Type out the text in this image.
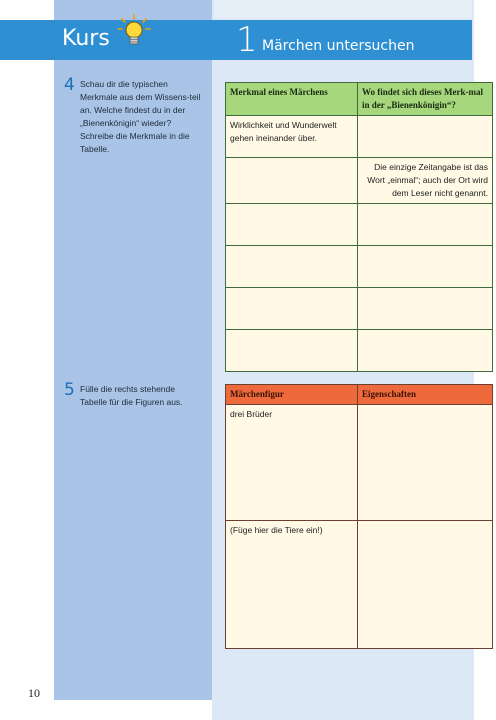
Kurs	1 Märchen untersuchen
4 Schau dir die typischen Merkmale aus dem Wissens-teil an. Welche findest du in der „Bienenkönigin“ wieder? Schreibe die Merkmale in die Tabelle.
5 Fülle die rechts stehende Tabelle für die Figuren aus.
Merkmal eines Märchens	Wo findet sich dieses Merk-mal in der „Bienenkönigin“?
Wirklichkeit und Wunderwelt gehen ineinander über.	
	Die einzige Zeitangabe ist das Wort „einmal“; auch der Ort wird dem Leser nicht genannt.

Märchenfigur	Eigenschaften
drei Brüder	
(Füge hier die Tiere ein!)	
10
